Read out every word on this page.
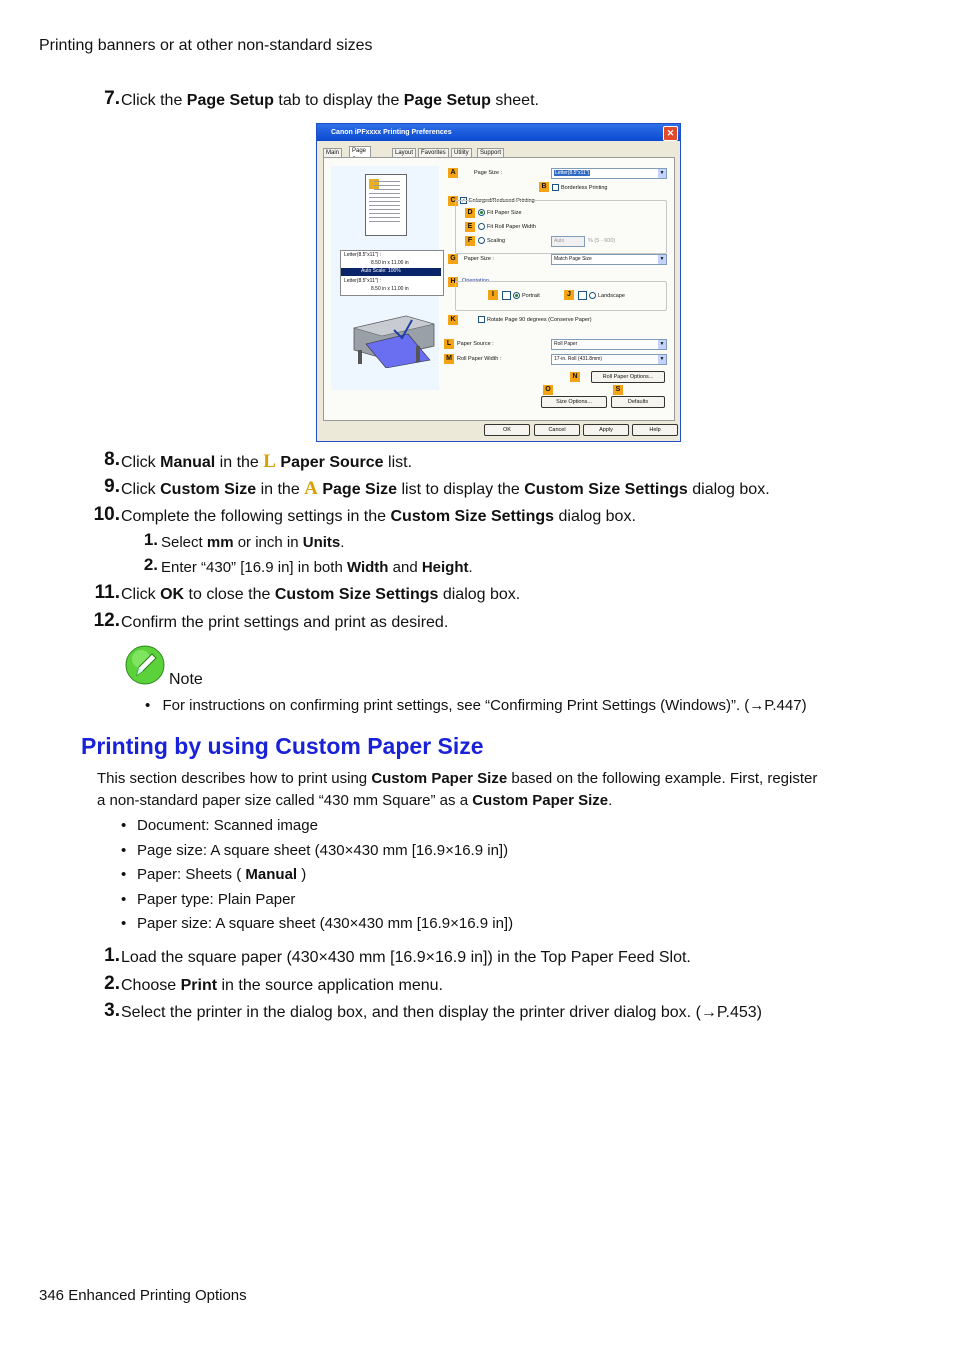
Printing banners or at other non-standard sizes
7. Click the Page Setup tab to display the Page Setup sheet.
Canon iPFxxxx Printing Preferences	✕
Main	Page	Layout	Favorites	Utility	Support
Letter(8.5"x11") :
8.50 in x 11.00 in
Auto Scale: 100%
Letter(8.5"x11") :
8.50 in x 11.00 in
A	Page Size :	Letter(8.5"x11")	▼
B	Borderless Printing
C ✓ Enlarged/Reduced Printing
D	Fit Paper Size
E	Fit Roll Paper Width
F	Scaling	Auto	% (5 - 600)
G	Paper Size :	Match Page Size	▼
H	Orientation
I	Portrait	J	Landscape
K	Rotate Page 90 degrees (Conserve Paper)
L	Paper Source :	Roll Paper	▼
M Roll Paper Width :	17-in. Roll (431.8mm)	▼
N	Roll Paper Options...
O	S
Size Options...	Defaults
OK	Cancel	Apply	Help
8. Click Manual in the L Paper Source list.
9. Click Custom Size in the A Page Size list to display the Custom Size Settings dialog box.
10. Complete the following settings in the Custom Size Settings dialog box.
1. Select mm or inch in Units.
2. Enter “430” [16.9 in] in both Width and Height.
11. Click OK to close the Custom Size Settings dialog box.
12. Confirm the print settings and print as desired.
Note
• For instructions on confirming print settings, see “Confirming Print Settings (Windows)”. (→P.447)
Printing by using Custom Paper Size
This section describes how to print using Custom Paper Size based on the following example. First, register
a non-standard paper size called “430 mm Square” as a Custom Paper Size.
• Document: Scanned image
• Page size: A square sheet (430×430 mm [16.9×16.9 in])
• Paper: Sheets ( Manual )
• Paper type: Plain Paper
• Paper size: A square sheet (430×430 mm [16.9×16.9 in])
1. Load the square paper (430×430 mm [16.9×16.9 in]) in the Top Paper Feed Slot.
2. Choose Print in the source application menu.
3. Select the printer in the dialog box, and then display the printer driver dialog box. (→P.453)
346 Enhanced Printing Options
